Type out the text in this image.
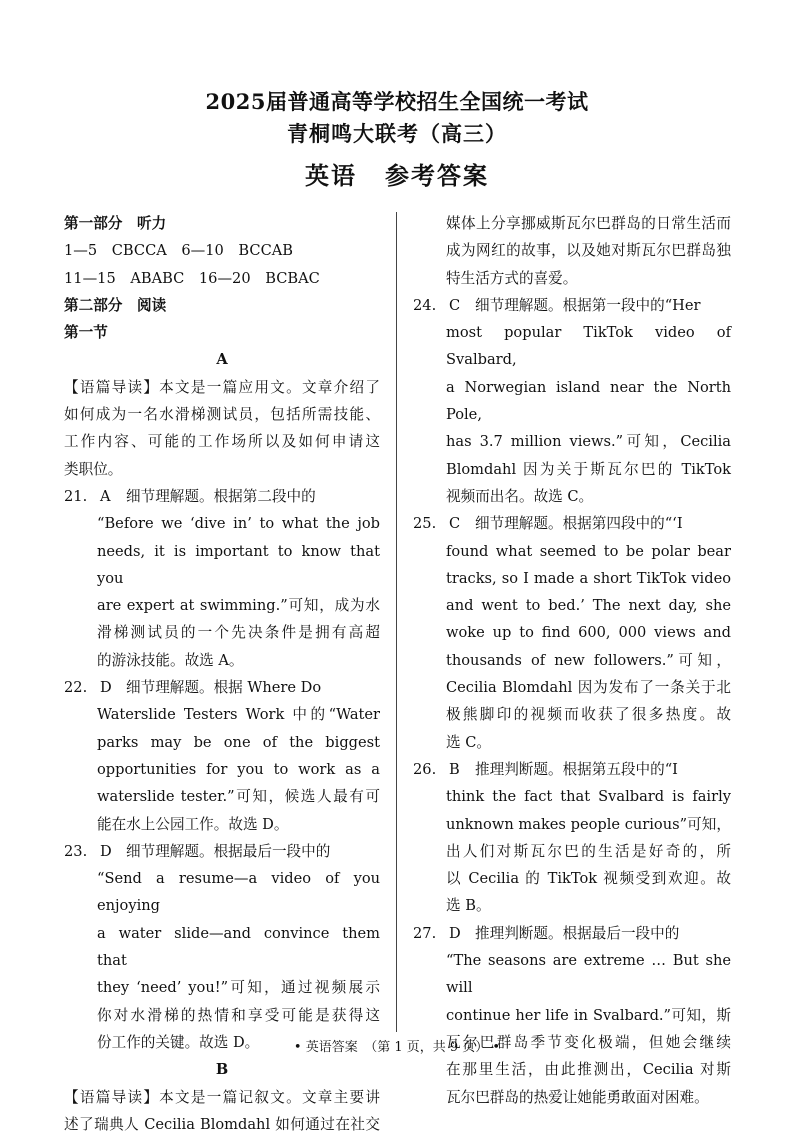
2025届普通高等学校招生全国统一考试
青桐鸣大联考（高三）
英语 参考答案
第一部分　听力
1—5　CBCCA　6—10　BCCAB
11—15　ABABC　16—20　BCBAC
第二部分　阅读
第一节
A
【语篇导读】本文是一篇应用文。文章介绍了
如何成为一名水滑梯测试员，包括所需技能、
工作内容、可能的工作场所以及如何申请这
类职位。
21. A 细节理解题。根据第二段中的
“Before we ‘dive in’ to what the job
needs, it is important to know that you
are expert at swimming.”可知，成为水
滑梯测试员的一个先决条件是拥有高超
的游泳技能。故选 A。
22. D 细节理解题。根据 Where Do
Waterslide Testers Work 中的“Water
parks may be one of the biggest
opportunities for you to work as a
waterslide tester.”可知，候选人最有可
能在水上公园工作。故选 D。
23. D 细节理解题。根据最后一段中的
“Send a resume—a video of you enjoying
a water slide—and convince them that
they ‘need’ you!”可知，通过视频展示
你对水滑梯的热情和享受可能是获得这
份工作的关键。故选 D。
B
【语篇导读】本文是一篇记叙文。文章主要讲
述了瑞典人 Cecilia Blomdahl 如何通过在社交
媒体上分享挪威斯瓦尔巴群岛的日常生活而
成为网红的故事，以及她对斯瓦尔巴群岛独
特生活方式的喜爱。
24. C 细节理解题。根据第一段中的“Her
most popular TikTok video of Svalbard,
a Norwegian island near the North Pole,
has 3.7 million views.”可知，Cecilia
Blomdahl 因为关于斯瓦尔巴的 TikTok
视频而出名。故选 C。
25. C 细节理解题。根据第四段中的“‘I
found what seemed to be polar bear
tracks, so I made a short TikTok video
and went to bed.’ The next day, she
woke up to find 600, 000 views and
thousands of new followers.”可知，
Cecilia Blomdahl 因为发布了一条关于北
极熊脚印的视频而收获了很多热度。故
选 C。
26. B 推理判断题。根据第五段中的“I
think the fact that Svalbard is fairly
unknown makes people curious”可知，
出人们对斯瓦尔巴的生活是好奇的，所
以 Cecilia 的 TikTok 视频受到欢迎。故
选 B。
27. D 推理判断题。根据最后一段中的
“The seasons are extreme … But she will
continue her life in Svalbard.”可知，斯
瓦尔巴群岛季节变化极端，但她会继续
在那里生活，由此推测出，Cecilia 对斯
瓦尔巴群岛的热爱让她能勇敢面对困难。
• 英语答案　（第 1 页，共 9 页） •
